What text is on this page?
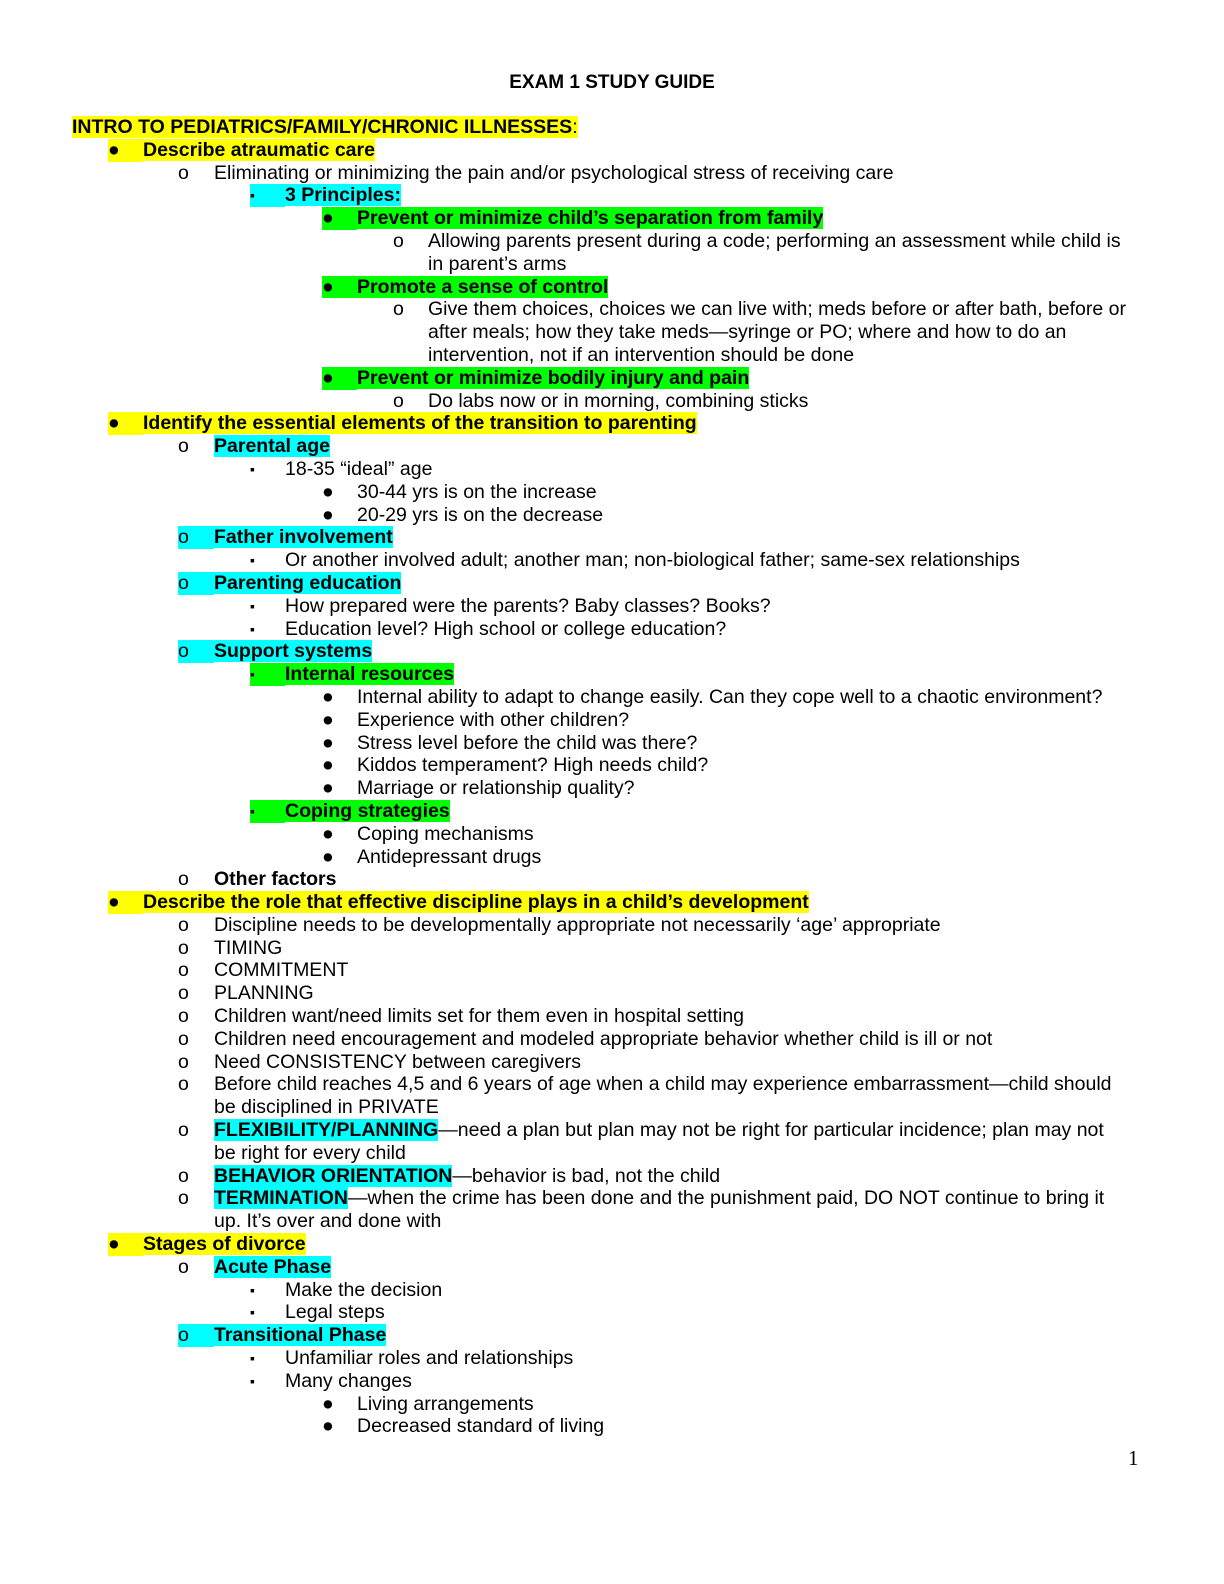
EXAM 1 STUDY GUIDE
INTRO TO PEDIATRICS/FAMILY/CHRONIC ILLNESSES:
●	Describe atraumatic care
o	Eliminating or minimizing the pain and/or psychological stress of receiving care
▪	3 Principles:
●	Prevent or minimize child’s separation from family
o	Allowing parents present during a code; performing an assessment while child is
in parent’s arms
●	Promote a sense of control
o	Give them choices, choices we can live with; meds before or after bath, before or
after meals; how they take meds—syringe or PO; where and how to do an
intervention, not if an intervention should be done
●	Prevent or minimize bodily injury and pain
o	Do labs now or in morning, combining sticks
●	Identify the essential elements of the transition to parenting
o	Parental age
▪	18-35 “ideal” age
●	30-44 yrs is on the increase
●	20-29 yrs is on the decrease
o	Father involvement
▪	Or another involved adult; another man; non-biological father; same-sex relationships
o	Parenting education
▪	How prepared were the parents? Baby classes? Books?
▪	Education level? High school or college education?
o	Support systems
▪	Internal resources
●	Internal ability to adapt to change easily. Can they cope well to a chaotic environment?
●	Experience with other children?
●	Stress level before the child was there?
●	Kiddos temperament? High needs child?
●	Marriage or relationship quality?
▪	Coping strategies
●	Coping mechanisms
●	Antidepressant drugs
o	Other factors
●	Describe the role that effective discipline plays in a child’s development
o	Discipline needs to be developmentally appropriate not necessarily ‘age’ appropriate
o	TIMING
o	COMMITMENT
o	PLANNING
o	Children want/need limits set for them even in hospital setting
o	Children need encouragement and modeled appropriate behavior whether child is ill or not
o	Need CONSISTENCY between caregivers
o	Before child reaches 4,5 and 6 years of age when a child may experience embarrassment—child should
be disciplined in PRIVATE
o	FLEXIBILITY/PLANNING—need a plan but plan may not be right for particular incidence; plan may not
be right for every child
o	BEHAVIOR ORIENTATION—behavior is bad, not the child
o	TERMINATION—when the crime has been done and the punishment paid, DO NOT continue to bring it
up. It’s over and done with
●	Stages of divorce
o	Acute Phase
▪	Make the decision
▪	Legal steps
o	Transitional Phase
▪	Unfamiliar roles and relationships
▪	Many changes
●	Living arrangements
●	Decreased standard of living
1
